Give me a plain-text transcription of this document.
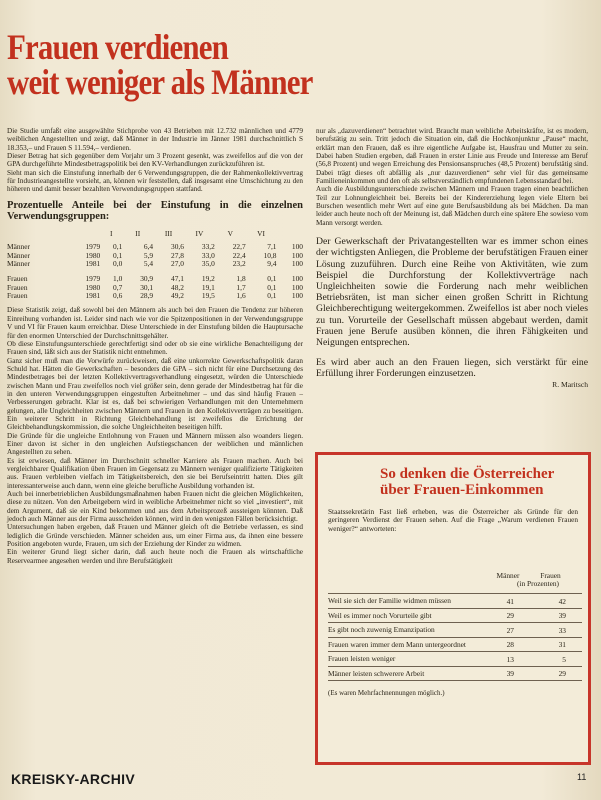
Frauen verdienen
weit weniger als Männer

Die Studie umfaßt eine ausgewählte Stichprobe von 43 Betrieben mit 12.732 männlichen und 4779 weiblichen Angestellten und zeigt, daß Männer in der Industrie im Jänner 1981 durchschnittlich S 18.353,– und Frauen S 11.594,– verdienen.

Dieser Betrag hat sich gegenüber dem Vorjahr um 3 Prozent gesenkt, was zweifellos auf die von der GPA durchgeführte Mindestbetragspolitik bei den KV-Verhandlungen zurückzuführen ist.

Sieht man sich die Einstufung innerhalb der 6 Verwendungsgruppen, die der Rahmenkollektivvertrag für Industrieangestellte vorsieht, an, können wir feststellen, daß insgesamt eine Umschichtung zu den höheren und damit besser bezahlten Verwendungsgruppen stattfand.

Prozentuelle Anteile bei der Einstufung in die einzelnen Verwendungsgruppen:
		I	II	III	IV	V	VI	
Männer	1979	0,1	6,4	30,6	33,2	22,7	7,1	100
Männer	1980	0,1	5,9	27,8	33,0	22,4	10,8	100
Männer	1981	0,0	5,4	27,0	35,0	23,2	9,4	100

Frauen	1979	1,0	30,9	47,1	19,2	1,8	0,1	100
Frauen	1980	0,7	30,1	48,2	19,1	1,7	0,1	100
Frauen	1981	0,6	28,9	49,2	19,5	1,6	0,1	100

Diese Statistik zeigt, daß sowohl bei den Männern als auch bei den Frauen die Tendenz zur höheren Einreihung vorhanden ist. Leider sind nach wie vor die Spitzenpositionen in der Verwendungsgruppe V und VI für Frauen kaum erreichbar. Diese Unterschiede in der Einstufung bilden die Hauptursache für den enormen Unterschied der Durchschnittsgehälter.

Ob diese Einstufungsunterschiede gerechtfertigt sind oder ob sie eine wirkliche Benachteiligung der Frauen sind, läßt sich aus der Statistik nicht entnehmen.

Ganz sicher muß man die Vorwürfe zurückweisen, daß eine unkorrekte Gewerkschaftspolitik daran Schuld hat. Hätten die Gewerkschaften – besonders die GPA – sich nicht für eine Durchsetzung des Mindestbetrages bei der letzten Kollektivvertragsverhandlung eingesetzt, würden die Unterschiede zwischen Mann und Frau zweifellos noch viel größer sein, denn gerade der Mindestbetrag hat für die in den unteren Verwendungsgruppen eingestuften Arbeitnehmer – und das sind häufig Frauen – Verbesserungen gebracht. Klar ist es, daß bei schwierigen Verhandlungen mit den Unternehmern gelungen, alle Ungleichheiten zwischen Männern und Frauen in den Kollektivverträgen zu beseitigen. Ein weiterer Schritt in Richtung Gleichbehandlung ist zweifellos die Errichtung der Gleichbehandlungskommission, die solche Ungleichheiten beseitigen hilft.

Die Gründe für die ungleiche Entlohnung von Frauen und Männern müssen also woanders liegen. Einer davon ist sicher in den ungleichen Aufstiegschancen der weiblichen und männlichen Angestellten zu sehen.

Es ist erwiesen, daß Männer im Durchschnitt schneller Karriere als Frauen machen. Auch bei vergleichbarer Qualifikation üben Frauen im Gegensatz zu Männern weniger qualifizierte Tätigkeiten aus. Frauen verbleiben vielfach im Tätigkeitsbereich, den sie bei Berufseintritt hatten. Dies gilt interessanterweise auch dann, wenn eine gleiche berufliche Ausbildung vorhanden ist.

Auch bei innerbetrieblichen Ausbildungsmaßnahmen haben Frauen nicht die gleichen Möglichkeiten, diese zu nützen. Von den Arbeitgebern wird in weibliche Arbeitnehmer nicht so viel „investiert“, mit dem Argument, daß sie ein Kind bekommen und aus dem Arbeitsprozeß aussteigen könnten. Daß jedoch auch Männer aus der Firma ausscheiden können, wird in den wenigsten Fällen berücksichtigt.

Untersuchungen haben ergeben, daß Frauen und Männer gleich oft die Betriebe verlassen, es sind lediglich die Gründe verschieden. Männer scheiden aus, um einer Firma aus, da ihnen eine bessere Position angeboten wurde, Frauen, um sich der Erziehung der Kinder zu widmen.

Ein weiterer Grund liegt sicher darin, daß auch heute noch die Frauen als wirtschaftliche Reservearmee angesehen werden und ihre Berufstätigkeit

nur als „dazuverdienen“ betrachtet wird. Braucht man weibliche Arbeitskräfte, ist es modern, berufstätig zu sein. Tritt jedoch die Situation ein, daß die Hochkonjunktur „Pause“ macht, erklärt man den Frauen, daß es ihre eigentliche Aufgabe ist, Hausfrau und Mutter zu sein. Dabei haben Studien ergeben, daß Frauen in erster Linie aus Freude und Interesse am Beruf (56,8 Prozent) und wegen Erreichung des Pensionsanspruches (48,5 Prozent) berufstätig sind. Dabei trägt dieses oft abfällig als „nur dazuverdienen“ sehr viel für das gemeinsame Familieneinkommen und den oft als selbstverständlich empfundenen Lebensstandard bei.

Auch die Ausbildungsunterschiede zwischen Männern und Frauen tragen einen beachtlichen Teil zur Lohnungleichheit bei. Bereits bei der Kindererziehung legen viele Eltern bei Burschen wesentlich mehr Wert auf eine gute Berufsausbildung als bei Mädchen. Da man leider auch heute noch oft der Meinung ist, daß Mädchen durch eine spätere Ehe sowieso vom Mann versorgt werden.

Der Gewerkschaft der Privatangestellten war es immer schon eines der wichtigsten Anliegen, die Probleme der berufstätigen Frauen einer Lösung zuzuführen. Durch eine Reihe von Aktivitäten, wie zum Beispiel die Durchforstung der Kollektivverträge nach Ungleichheiten sowie die Forderung nach mehr weiblichen Betriebsräten, ist man sicher einen großen Schritt in Richtung Gleichberechtigung weitergekommen. Zweifellos ist aber noch vieles zu tun. Vorurteile der Gesellschaft müssen abgebaut werden, damit Frauen jene Berufe ausüben können, die ihren Fähigkeiten und Neigungen entsprechen.

Es wird aber auch an den Frauen liegen, sich verstärkt für eine Erfüllung ihrer Forderungen einzusetzen.

R. Maritsch

So denken die Österreicher über Frauen-Einkommen
Staatssekretärin Fast ließ erheben, was die Österreicher als Gründe für den geringeren Verdienst der Frauen sehen. Auf die Frage „Warum verdienen Frauen weniger?“ antworteten:
Männer	Frauen
(in Prozenten)
Weil sie sich der Familie widmen müssen	41	42
Weil es immer noch Vorurteile gibt	29	39
Es gibt noch zuwenig Emanzipation	27	33
Frauen waren immer dem Mann untergeordnet	28	31
Frauen leisten weniger	13	5
Männer leisten schwerere Arbeit	39	29
(Es waren Mehrfachnennungen möglich.)
KREISKY-ARCHIV	11
